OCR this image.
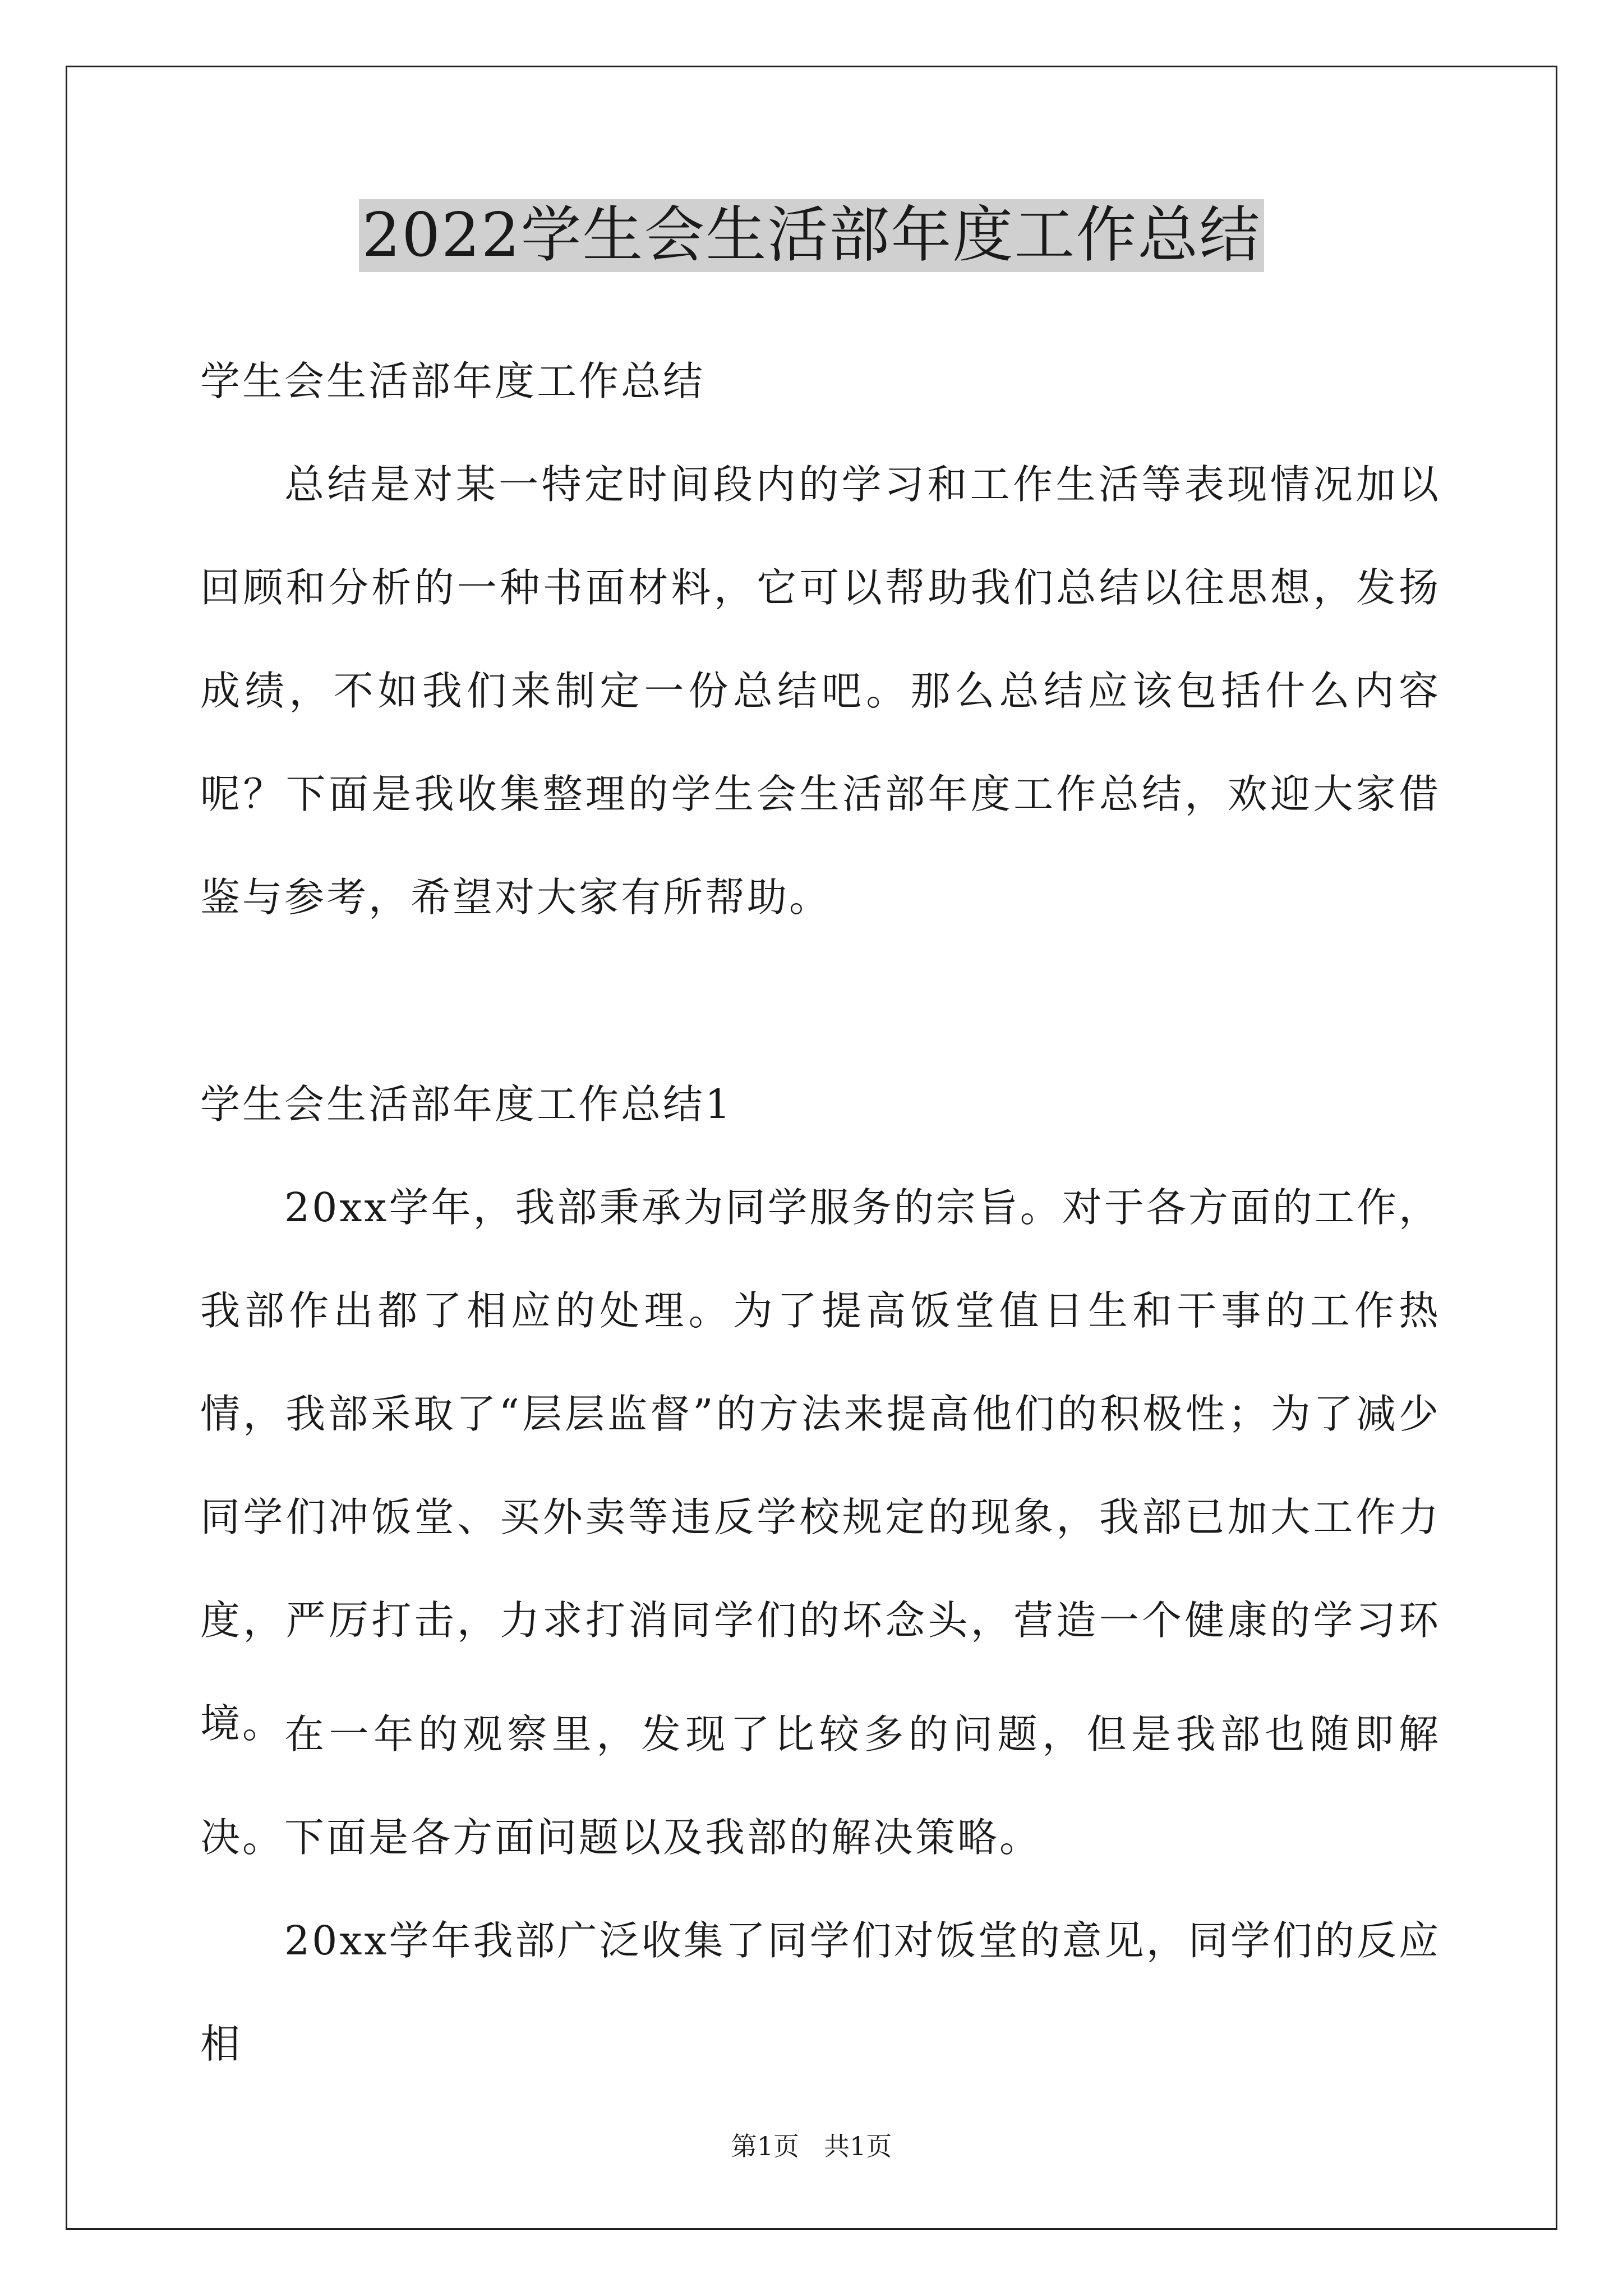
2022学生会生活部年度工作总结

学生会生活部年度工作总结

总结是对某一特定时间段内的学习和工作生活等表现情况加以回顾和分析的一种书面材料，它可以帮助我们总结以往思想，发扬成绩，不如我们来制定一份总结吧。那么总结应该包括什么内容呢？下面是我收集整理的学生会生活部年度工作总结，欢迎大家借鉴与参考，希望对大家有所帮助。

学生会生活部年度工作总结1

20xx学年，我部秉承为同学服务的宗旨。对于各方面的工作，我部作出都了相应的处理。为了提高饭堂值日生和干事的工作热情，我部采取了“层层监督”的方法来提高他们的积极性；为了减少同学们冲饭堂、买外卖等违反学校规定的现象，我部已加大工作力度，严厉打击，力求打消同学们的坏念头，营造一个健康的学习环境。 在一年的观察里，发现了比较多的问题，但是我部也随即解决。下面是各方面问题以及我部的解决策略。

20xx学年我部广泛收集了同学们对饭堂的意见，同学们的反应相

第1页 共1页
